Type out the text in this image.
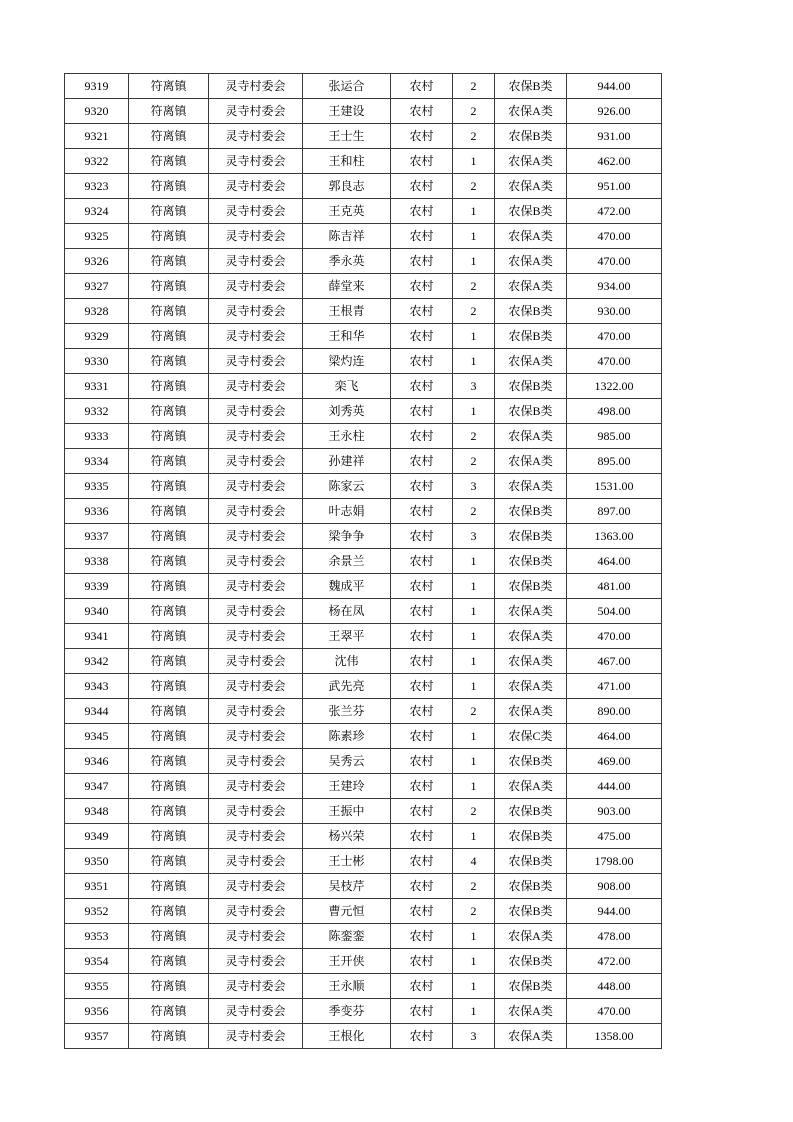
9319	符离镇	灵寺村委会	张运合	农村	2	农保B类	944.00
9320	符离镇	灵寺村委会	王建设	农村	2	农保A类	926.00
9321	符离镇	灵寺村委会	王士生	农村	2	农保B类	931.00
9322	符离镇	灵寺村委会	王和柱	农村	1	农保A类	462.00
9323	符离镇	灵寺村委会	郭良志	农村	2	农保A类	951.00
9324	符离镇	灵寺村委会	王克英	农村	1	农保B类	472.00
9325	符离镇	灵寺村委会	陈吉祥	农村	1	农保A类	470.00
9326	符离镇	灵寺村委会	季永英	农村	1	农保A类	470.00
9327	符离镇	灵寺村委会	薛堂来	农村	2	农保A类	934.00
9328	符离镇	灵寺村委会	王根青	农村	2	农保B类	930.00
9329	符离镇	灵寺村委会	王和华	农村	1	农保B类	470.00
9330	符离镇	灵寺村委会	梁灼连	农村	1	农保A类	470.00
9331	符离镇	灵寺村委会	栾飞	农村	3	农保B类	1322.00
9332	符离镇	灵寺村委会	刘秀英	农村	1	农保B类	498.00
9333	符离镇	灵寺村委会	王永柱	农村	2	农保A类	985.00
9334	符离镇	灵寺村委会	孙建祥	农村	2	农保A类	895.00
9335	符离镇	灵寺村委会	陈家云	农村	3	农保A类	1531.00
9336	符离镇	灵寺村委会	叶志娟	农村	2	农保B类	897.00
9337	符离镇	灵寺村委会	梁争争	农村	3	农保B类	1363.00
9338	符离镇	灵寺村委会	余景兰	农村	1	农保B类	464.00
9339	符离镇	灵寺村委会	魏成平	农村	1	农保B类	481.00
9340	符离镇	灵寺村委会	杨在凤	农村	1	农保A类	504.00
9341	符离镇	灵寺村委会	王翠平	农村	1	农保A类	470.00
9342	符离镇	灵寺村委会	沈伟	农村	1	农保A类	467.00
9343	符离镇	灵寺村委会	武先亮	农村	1	农保A类	471.00
9344	符离镇	灵寺村委会	张兰芬	农村	2	农保A类	890.00
9345	符离镇	灵寺村委会	陈素珍	农村	1	农保C类	464.00
9346	符离镇	灵寺村委会	吴秀云	农村	1	农保B类	469.00
9347	符离镇	灵寺村委会	王建玲	农村	1	农保A类	444.00
9348	符离镇	灵寺村委会	王振中	农村	2	农保B类	903.00
9349	符离镇	灵寺村委会	杨兴荣	农村	1	农保B类	475.00
9350	符离镇	灵寺村委会	王士彬	农村	4	农保B类	1798.00
9351	符离镇	灵寺村委会	吴枝芹	农村	2	农保B类	908.00
9352	符离镇	灵寺村委会	曹元恒	农村	2	农保B类	944.00
9353	符离镇	灵寺村委会	陈銮銮	农村	1	农保A类	478.00
9354	符离镇	灵寺村委会	王开侠	农村	1	农保B类	472.00
9355	符离镇	灵寺村委会	王永顺	农村	1	农保B类	448.00
9356	符离镇	灵寺村委会	季变芬	农村	1	农保A类	470.00
9357	符离镇	灵寺村委会	王根化	农村	3	农保A类	1358.00
